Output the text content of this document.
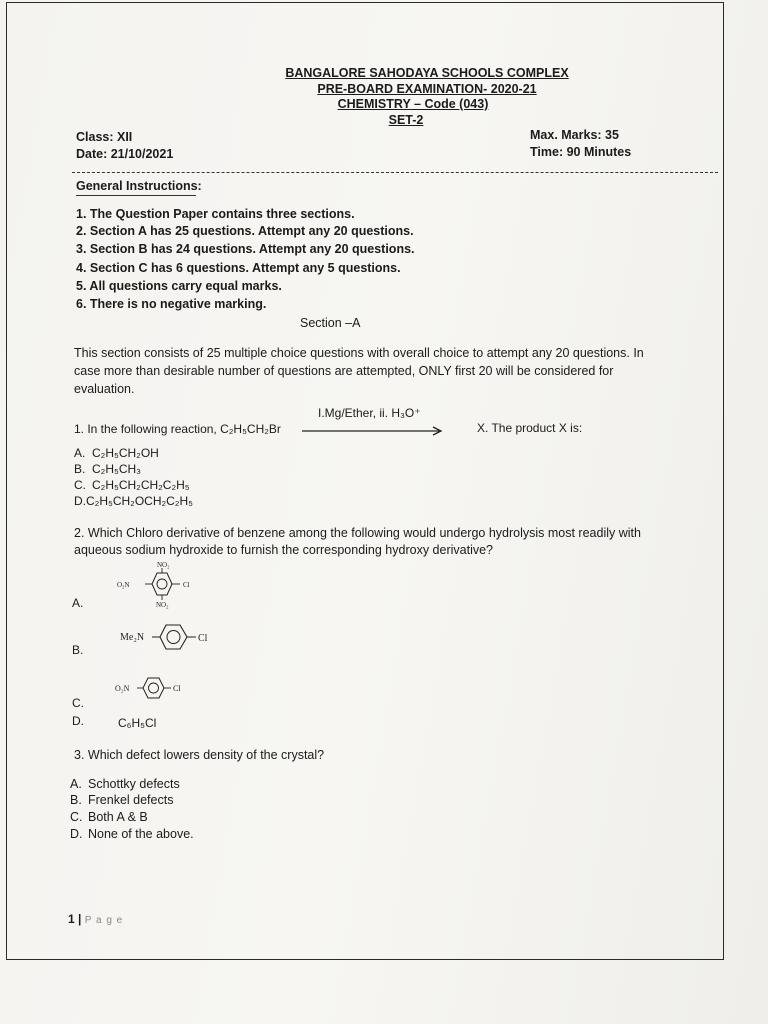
BANGALORE SAHODAYA SCHOOLS COMPLEX
PRE-BOARD EXAMINATION- 2020-21
CHEMISTRY – Code (043)
SET-2
Class: XII
Date: 21/10/2021
Max. Marks: 35
Time: 90 Minutes
General Instructions:
1. The Question Paper contains three sections.
2. Section A has 25 questions. Attempt any 20 questions.
3. Section B has 24 questions. Attempt any 20 questions.
4. Section C has 6 questions. Attempt any 5 questions.
5. All questions carry equal marks.
6. There is no negative marking.
Section –A
This section consists of 25 multiple choice questions with overall choice to attempt any 20 questions. In
case more than desirable number of questions are attempted, ONLY first 20 will be considered for
evaluation.
I.Mg/Ether, ii. H₃O⁺
1. In the following reaction, C₂H₅CH₂Br	X. The product X is:
A. C₂H₅CH₂OH
B. C₂H₅CH₃
C. C₂H₅CH₂CH₂C₂H₅
D.C₂H₅CH₂OCH₂C₂H₅
2. Which Chloro derivative of benzene among the following would undergo hydrolysis most readily with
aqueous sodium hydroxide to furnish the corresponding hydroxy derivative?
A.
NO₂
O₂N
NO₂
Cl
B.
Me₂N	Cl
C.
O₂N	Cl
D.	C₆H₅Cl
3. Which defect lowers density of the crystal?
A. Schottky defects
B. Frenkel defects
C. Both A & B
D. None of the above.
1 | P a g e
